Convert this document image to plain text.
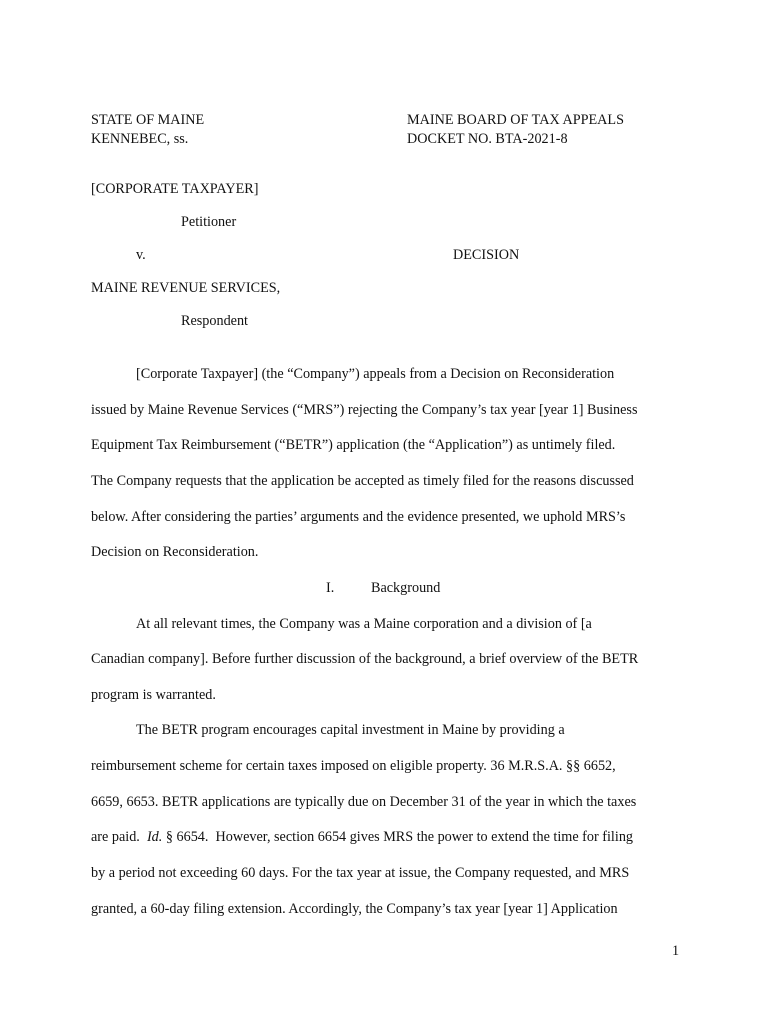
STATE OF MAINE
KENNEBEC, ss.
MAINE BOARD OF TAX APPEALS
DOCKET NO. BTA-2021-8
[CORPORATE TAXPAYER]
Petitioner
v.	DECISION
MAINE REVENUE SERVICES,
Respondent
[Corporate Taxpayer] (the “Company”) appeals from a Decision on Reconsideration
issued by Maine Revenue Services (“MRS”) rejecting the Company’s tax year [year 1] Business
Equipment Tax Reimbursement (“BETR”) application (the “Application”) as untimely filed.
The Company requests that the application be accepted as timely filed for the reasons discussed
below. After considering the parties’ arguments and the evidence presented, we uphold MRS’s
Decision on Reconsideration.
I.	Background
At all relevant times, the Company was a Maine corporation and a division of [a
Canadian company]. Before further discussion of the background, a brief overview of the BETR
program is warranted.
The BETR program encourages capital investment in Maine by providing a
reimbursement scheme for certain taxes imposed on eligible property. 36 M.R.S.A. §§ 6652,
6659, 6653. BETR applications are typically due on December 31 of the year in which the taxes
are paid.  Id. § 6654.  However, section 6654 gives MRS the power to extend the time for filing
by a period not exceeding 60 days. For the tax year at issue, the Company requested, and MRS
granted, a 60-day filing extension. Accordingly, the Company’s tax year [year 1] Application
1
